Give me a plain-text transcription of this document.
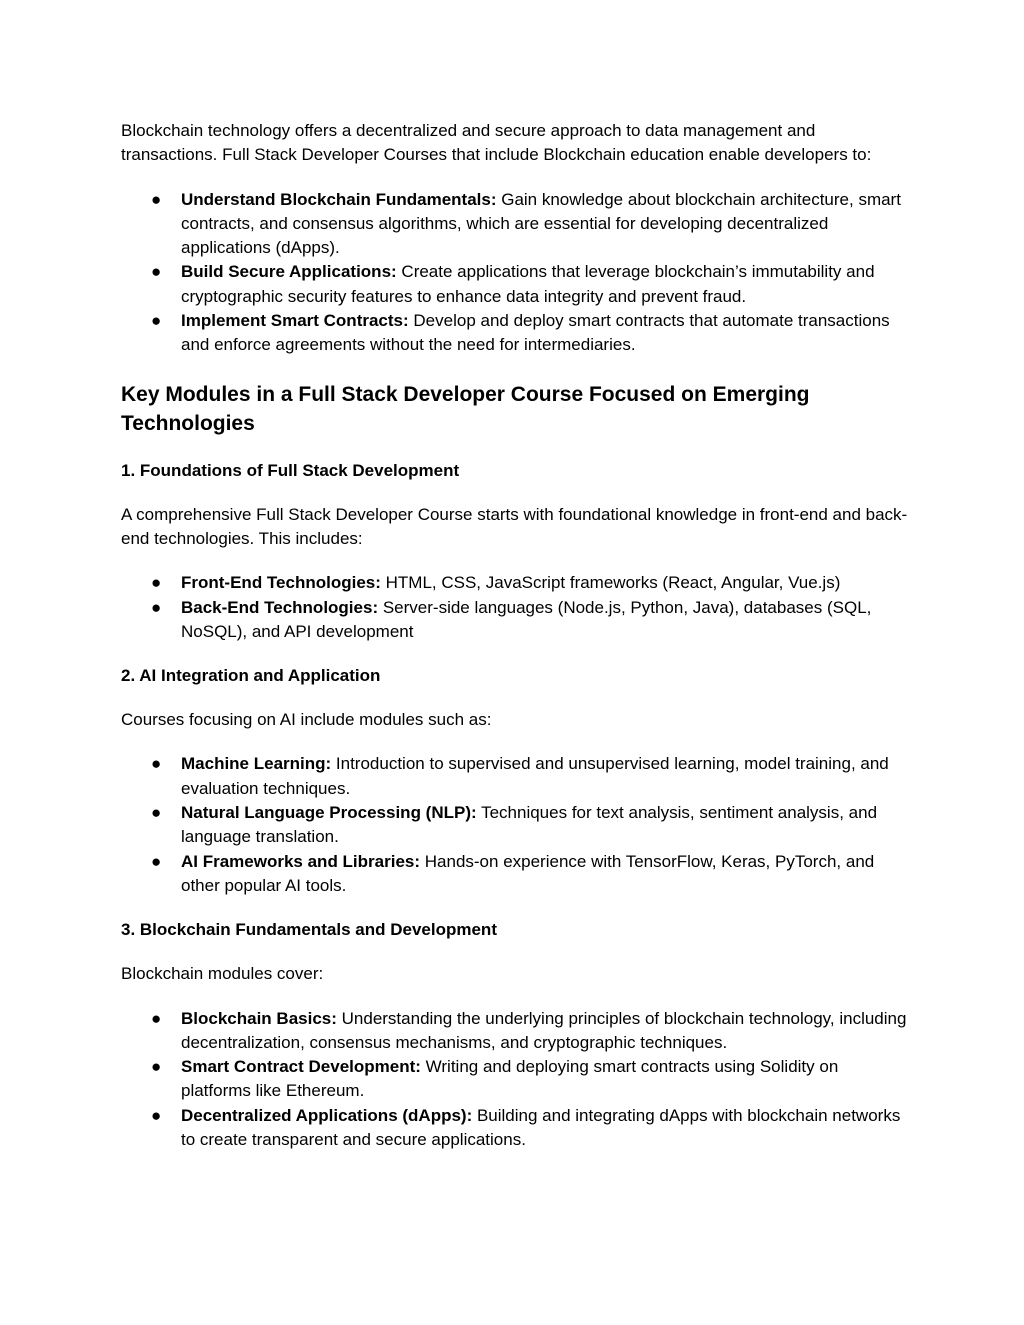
Blockchain technology offers a decentralized and secure approach to data management and transactions. Full Stack Developer Courses that include Blockchain education enable developers to:

● Understand Blockchain Fundamentals: Gain knowledge about blockchain architecture, smart contracts, and consensus algorithms, which are essential for developing decentralized applications (dApps).
● Build Secure Applications: Create applications that leverage blockchain’s immutability and cryptographic security features to enhance data integrity and prevent fraud.
● Implement Smart Contracts: Develop and deploy smart contracts that automate transactions and enforce agreements without the need for intermediaries.
Key Modules in a Full Stack Developer Course Focused on Emerging Technologies
1. Foundations of Full Stack Development

A comprehensive Full Stack Developer Course starts with foundational knowledge in front-end and back-end technologies. This includes:

● Front-End Technologies: HTML, CSS, JavaScript frameworks (React, Angular, Vue.js)
● Back-End Technologies: Server-side languages (Node.js, Python, Java), databases (SQL, NoSQL), and API development
2. AI Integration and Application

Courses focusing on AI include modules such as:

● Machine Learning: Introduction to supervised and unsupervised learning, model training, and evaluation techniques.
● Natural Language Processing (NLP): Techniques for text analysis, sentiment analysis, and language translation.
● AI Frameworks and Libraries: Hands-on experience with TensorFlow, Keras, PyTorch, and other popular AI tools.
3. Blockchain Fundamentals and Development

Blockchain modules cover:

● Blockchain Basics: Understanding the underlying principles of blockchain technology, including decentralization, consensus mechanisms, and cryptographic techniques.
● Smart Contract Development: Writing and deploying smart contracts using Solidity on platforms like Ethereum.
● Decentralized Applications (dApps): Building and integrating dApps with blockchain networks to create transparent and secure applications.
